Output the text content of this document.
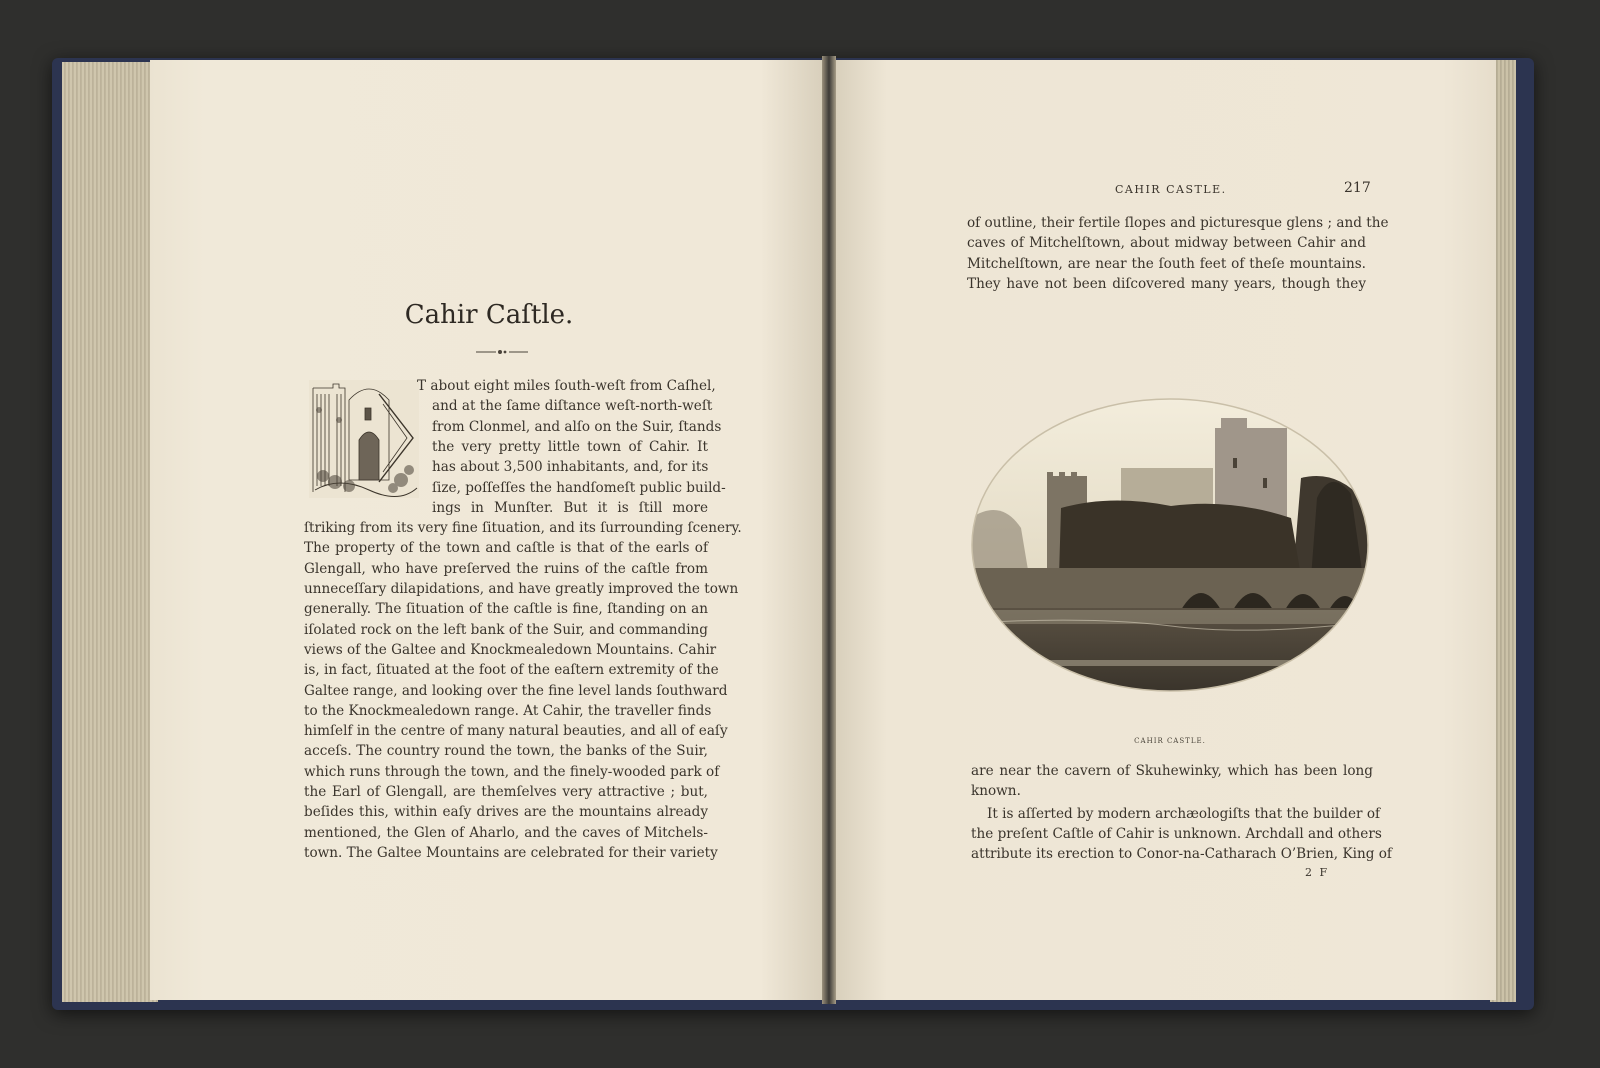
Cahir Caſtle.
T about eight miles ſouth-weſt from Caſhel,
and at the ſame diſtance weſt-north-weſt
from Clonmel, and alſo on the Suir, ſtands
the very pretty little town of Cahir. It
has about 3,500 inhabitants, and, for its
ſize, poſſeſſes the handſomeſt public build-
ings in Munſter. But it is ſtill more
ſtriking from its very fine ſituation, and its ſurrounding ſcenery.
The property of the town and caſtle is that of the earls of
Glengall, who have preſerved the ruins of the caſtle from
unneceſſary dilapidations, and have greatly improved the town
generally. The ſituation of the caſtle is fine, ſtanding on an
iſolated rock on the left bank of the Suir, and commanding
views of the Galtee and Knockmealedown Mountains. Cahir
is, in fact, ſituated at the foot of the eaſtern extremity of the
Galtee range, and looking over the fine level lands ſouthward
to the Knockmealedown range. At Cahir, the traveller finds
himſelf in the centre of many natural beauties, and all of eaſy
acceſs. The country round the town, the banks of the Suir,
which runs through the town, and the finely-wooded park of
the Earl of Glengall, are themſelves very attractive ; but,
beſides this, within eaſy drives are the mountains already
mentioned, the Glen of Aharlo, and the caves of Mitchels-
town. The Galtee Mountains are celebrated for their variety
CAHIR CASTLE.	217
of outline, their fertile ſlopes and picturesque glens ; and the
caves of Mitchelſtown, about midway between Cahir and
Mitchelſtown, are near the ſouth feet of theſe mountains.
They have not been diſcovered many years, though they
CAHIR CASTLE.
are near the cavern of Skuhewinky, which has been long
known.
It is aſſerted by modern archæologiſts that the builder of
the preſent Caſtle of Cahir is unknown. Archdall and others
attribute its erection to Conor-na-Catharach O’Brien, King of
2 F
